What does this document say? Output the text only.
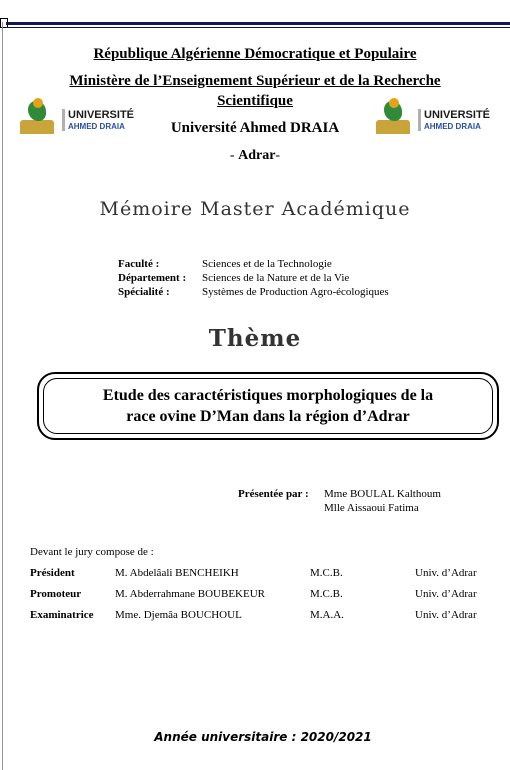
République Algérienne Démocratique et Populaire
Ministère de l’Enseignement Supérieur et de la Recherche
Scientifique
Université Ahmed DRAIA
- Adrar-
UNIVERSITÉ
AHMED DRAIA
UNIVERSITÉ
AHMED DRAIA
Mémoire Master Académique
Faculté :	Sciences et de la Technologie
Département : Sciences de la Nature et de la Vie
Spécialité :	Systèmes de Production Agro-écologiques
Thème
Etude des caractéristiques morphologiques de la
race ovine D’Man dans la région d’Adrar
Présentée par : Mme BOULAL Kalthoum
Mlle Aissaoui Fatima
Devant le jury compose de :
Président	M. Abdelâali BENCHEIKH	M.C.B.	Univ. d’Adrar
Promoteur	M. Abderrahmane BOUBEKEUR	M.C.B.	Univ. d’Adrar
Examinatrice Mme. Djemâa BOUCHOUL	M.A.A.	Univ. d’Adrar
Année universitaire : 2020/2021
